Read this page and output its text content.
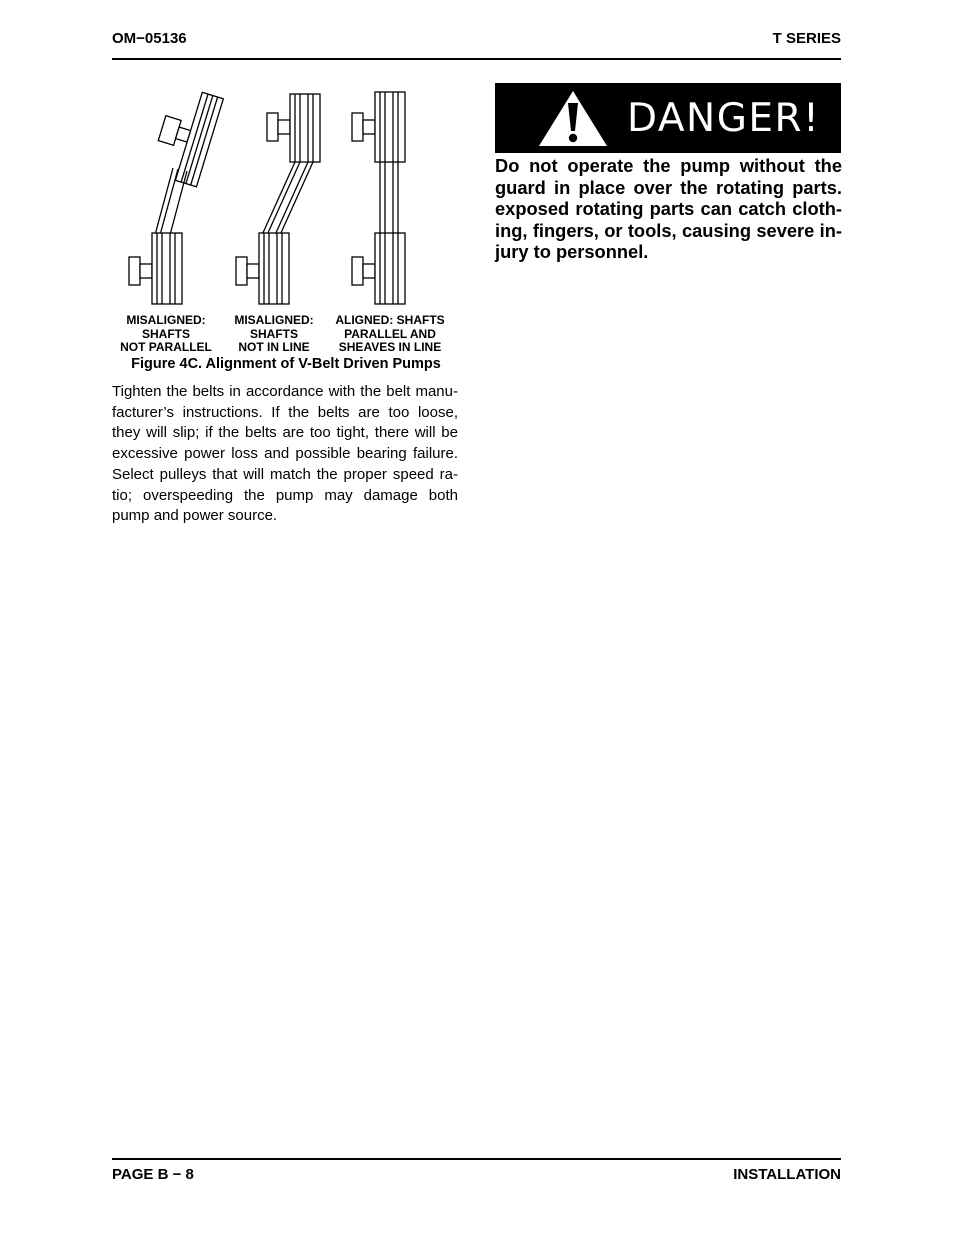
OM−05136	T SERIES
MISALIGNED:
SHAFTS
NOT PARALLEL
MISALIGNED:
SHAFTS
NOT IN LINE
ALIGNED: SHAFTS
PARALLEL AND
SHEAVES IN LINE
Figure 4C. Alignment of V-Belt Driven Pumps
Tighten the belts in accordance with the belt manu-
facturer’s instructions. If the belts are too loose,
they will slip; if the belts are too tight, there will be
excessive power loss and possible bearing failure.
Select pulleys that will match the proper speed ra-
tio; overspeeding the pump may damage both
pump and power source.
DANGER!
Do not operate the pump without the
guard in place over the rotating parts.
exposed rotating parts can catch cloth-
ing, fingers, or tools, causing severe in-
jury to personnel.
PAGE B − 8	INSTALLATION
